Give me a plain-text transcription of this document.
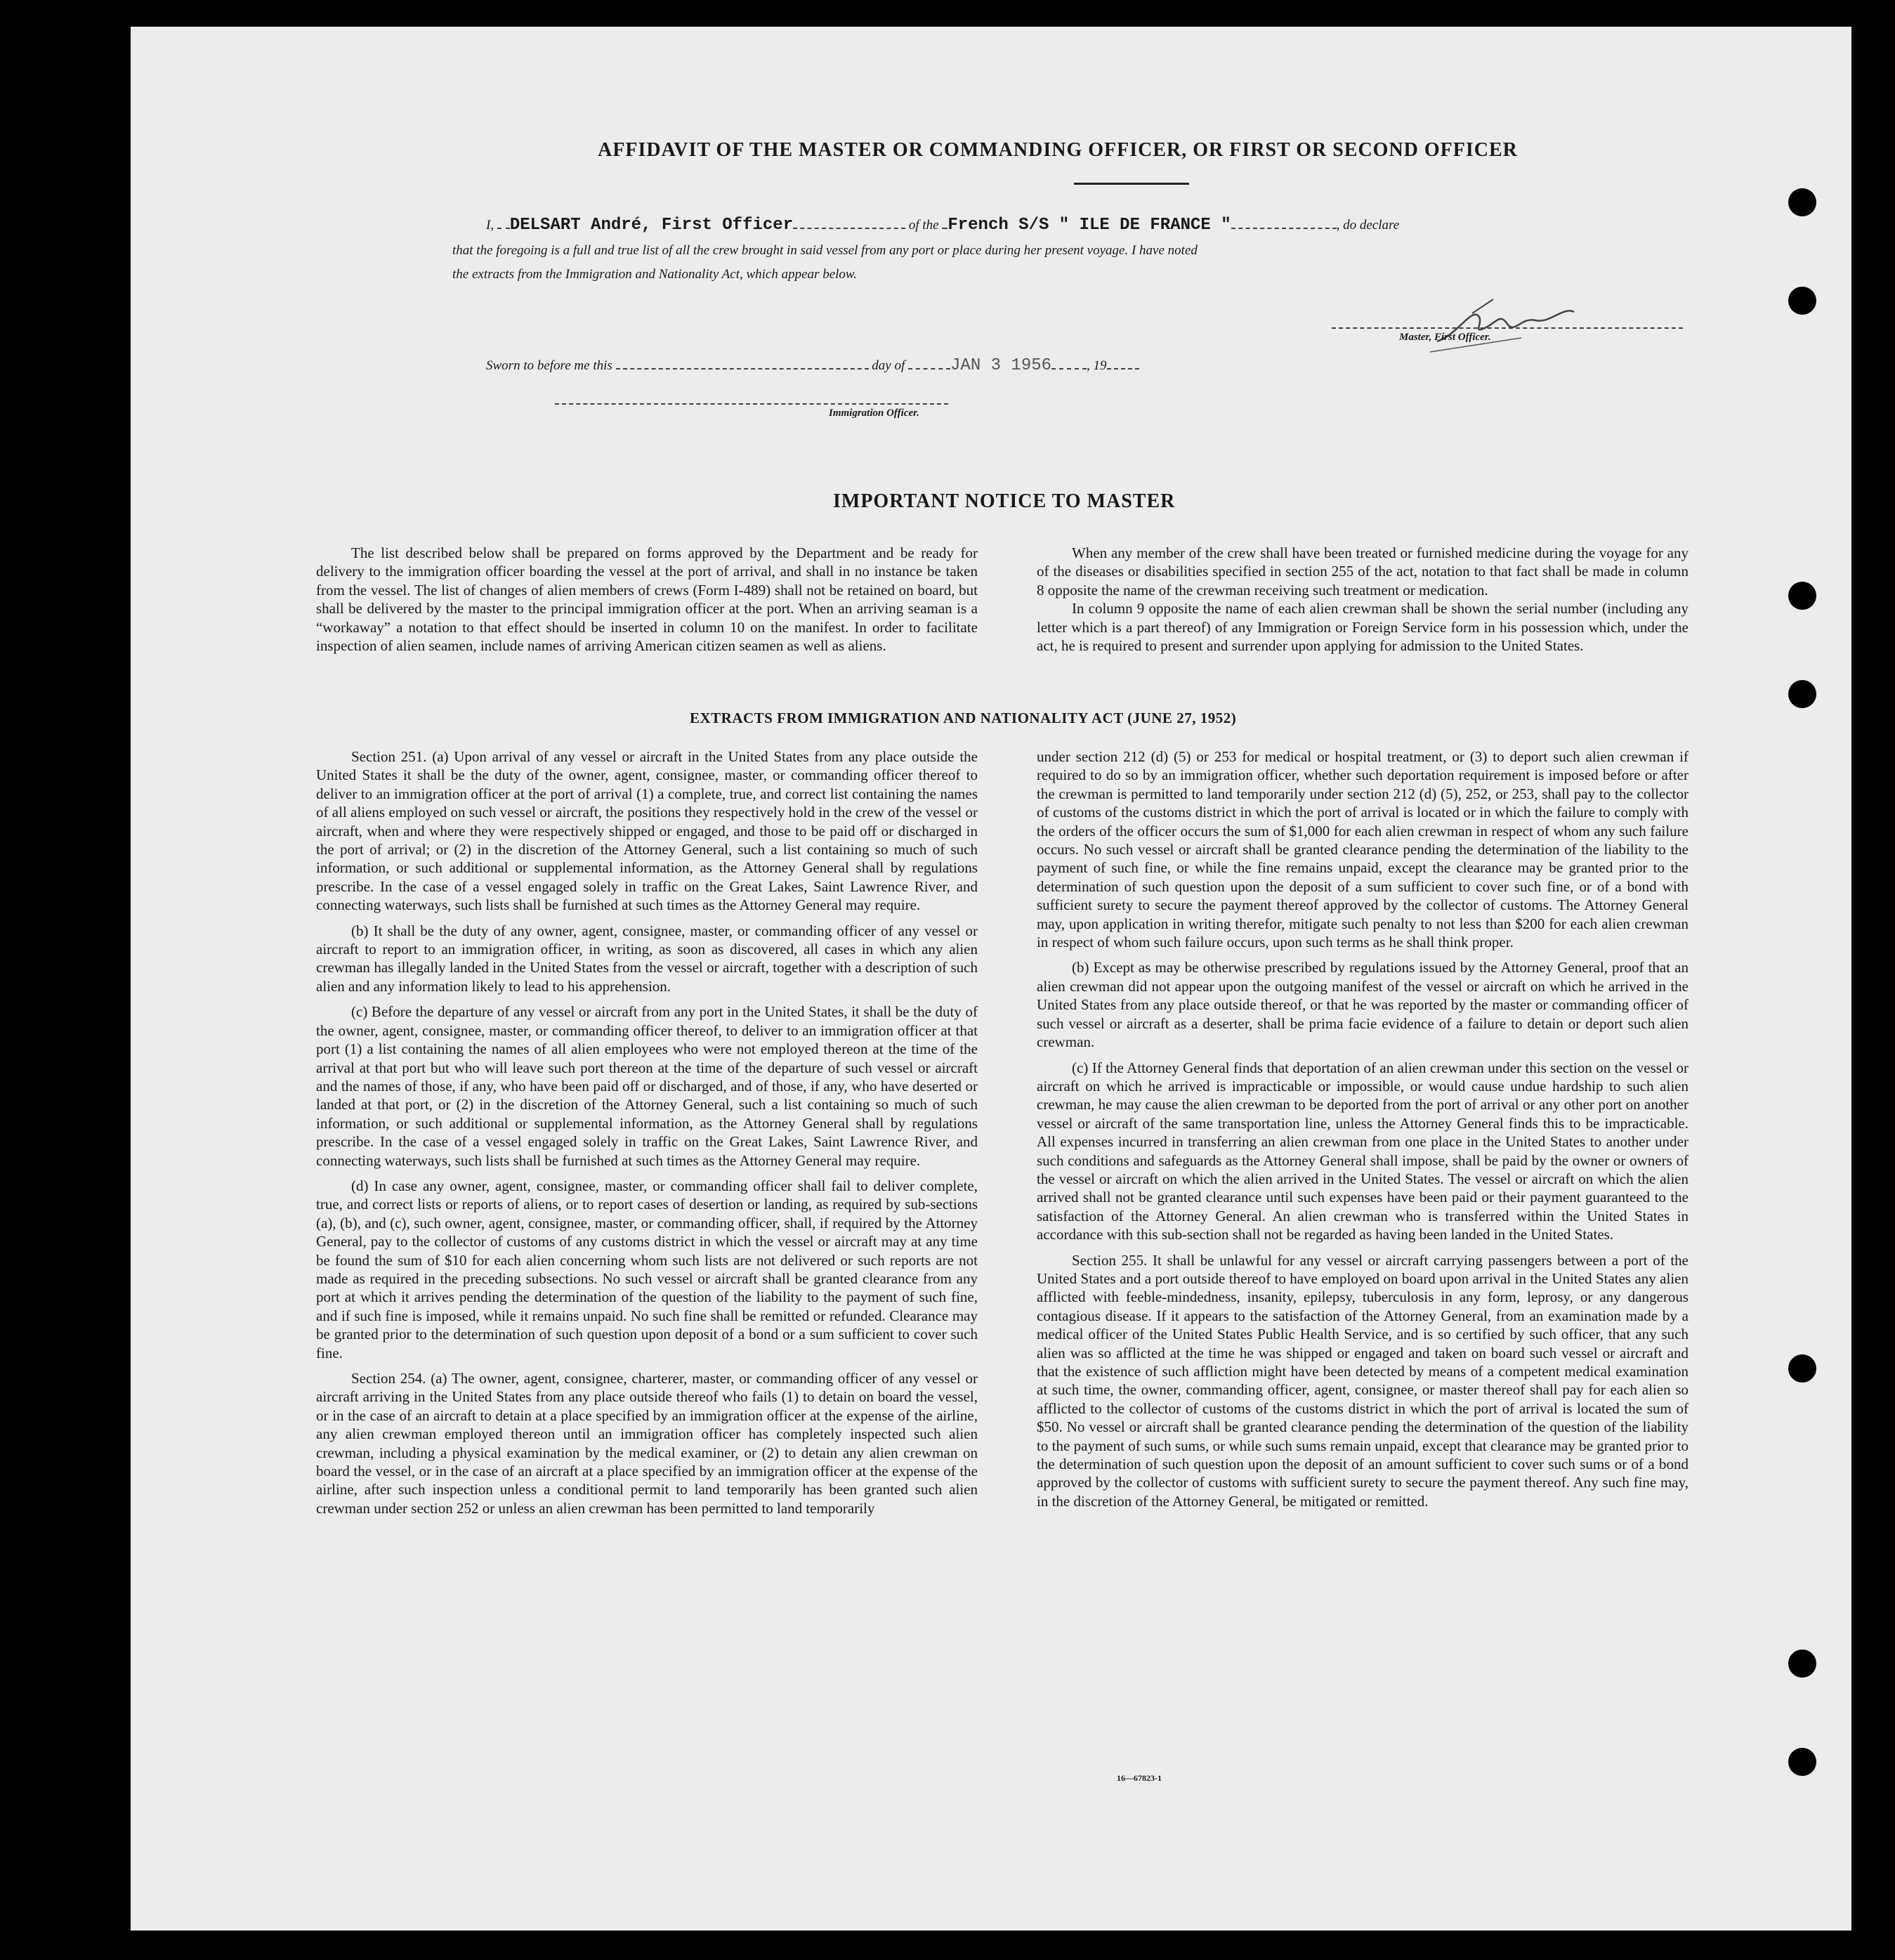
AFFIDAVIT OF THE MASTER OR COMMANDING OFFICER, OR FIRST OR SECOND OFFICER
I, DELSART André, First Officer	of the French S/S " ILE DE FRANCE "	, do declare
that the foregoing is a full and true list of all the crew brought in said vessel from any port or place during her present voyage. I have noted
the extracts from the Immigration and Nationality Act, which appear below.
Master, First Officer.
Sworn to before me this	day of	JAN 3 1956	, 19
Immigration Officer.
IMPORTANT NOTICE TO MASTER

The list described below shall be prepared on forms approved by the Department and be ready for delivery to the immigration officer boarding the vessel at the port of arrival, and shall in no instance be taken from the vessel. The list of changes of alien members of crews (Form I-489) shall not be retained on board, but shall be delivered by the master to the principal immigration officer at the port. When an arriving seaman is a “workaway” a notation to that effect should be inserted in column 10 on the manifest. In order to facilitate inspection of alien seamen, include names of arriving American citizen seamen as well as aliens.

When any member of the crew shall have been treated or furnished medicine during the voyage for any of the diseases or disabilities specified in section 255 of the act, notation to that fact shall be made in column 8 opposite the name of the crewman receiving such treatment or medication.

In column 9 opposite the name of each alien crewman shall be shown the serial number (including any letter which is a part thereof) of any Immigration or Foreign Service form in his possession which, under the act, he is required to present and surrender upon applying for admission to the United States.

EXTRACTS FROM IMMIGRATION AND NATIONALITY ACT (JUNE 27, 1952)

Section 251. (a) Upon arrival of any vessel or aircraft in the United States from any place outside the United States it shall be the duty of the owner, agent, consignee, master, or commanding officer thereof to deliver to an immigration officer at the port of arrival (1) a complete, true, and correct list containing the names of all aliens employed on such vessel or aircraft, the positions they respectively hold in the crew of the vessel or aircraft, when and where they were respectively shipped or engaged, and those to be paid off or discharged in the port of arrival; or (2) in the discretion of the Attorney General, such a list containing so much of such information, or such additional or supplemental information, as the Attorney General shall by regulations prescribe. In the case of a vessel engaged solely in traffic on the Great Lakes, Saint Lawrence River, and connecting waterways, such lists shall be furnished at such times as the Attorney General may require.

(b) It shall be the duty of any owner, agent, consignee, master, or commanding officer of any vessel or aircraft to report to an immigration officer, in writing, as soon as discovered, all cases in which any alien crewman has illegally landed in the United States from the vessel or aircraft, together with a description of such alien and any information likely to lead to his apprehension.

(c) Before the departure of any vessel or aircraft from any port in the United States, it shall be the duty of the owner, agent, consignee, master, or commanding officer thereof, to deliver to an immigration officer at that port (1) a list containing the names of all alien employees who were not employed thereon at the time of the arrival at that port but who will leave such port thereon at the time of the departure of such vessel or aircraft and the names of those, if any, who have been paid off or discharged, and of those, if any, who have deserted or landed at that port, or (2) in the discretion of the Attorney General, such a list containing so much of such information, or such additional or supplemental information, as the Attorney General shall by regulations prescribe. In the case of a vessel engaged solely in traffic on the Great Lakes, Saint Lawrence River, and connecting waterways, such lists shall be furnished at such times as the Attorney General may require.

(d) In case any owner, agent, consignee, master, or commanding officer shall fail to deliver complete, true, and correct lists or reports of aliens, or to report cases of desertion or landing, as required by sub-sections (a), (b), and (c), such owner, agent, consignee, master, or commanding officer, shall, if required by the Attorney General, pay to the collector of customs of any customs district in which the vessel or aircraft may at any time be found the sum of $10 for each alien concerning whom such lists are not delivered or such reports are not made as required in the preceding subsections. No such vessel or aircraft shall be granted clearance from any port at which it arrives pending the determination of the question of the liability to the payment of such fine, and if such fine is imposed, while it remains unpaid. No such fine shall be remitted or refunded. Clearance may be granted prior to the determination of such question upon deposit of a bond or a sum sufficient to cover such fine.

Section 254. (a) The owner, agent, consignee, charterer, master, or commanding officer of any vessel or aircraft arriving in the United States from any place outside thereof who fails (1) to detain on board the vessel, or in the case of an aircraft to detain at a place specified by an immigration officer at the expense of the airline, any alien crewman employed thereon until an immigration officer has completely inspected such alien crewman, including a physical examination by the medical examiner, or (2) to detain any alien crewman on board the vessel, or in the case of an aircraft at a place specified by an immigration officer at the expense of the airline, after such inspection unless a conditional permit to land temporarily has been granted such alien crewman under section 252 or unless an alien crewman has been permitted to land temporarily

under section 212 (d) (5) or 253 for medical or hospital treatment, or (3) to deport such alien crewman if required to do so by an immigration officer, whether such deportation requirement is imposed before or after the crewman is permitted to land temporarily under section 212 (d) (5), 252, or 253, shall pay to the collector of customs of the customs district in which the port of arrival is located or in which the failure to comply with the orders of the officer occurs the sum of $1,000 for each alien crewman in respect of whom any such failure occurs. No such vessel or aircraft shall be granted clearance pending the determination of the liability to the payment of such fine, or while the fine remains unpaid, except the clearance may be granted prior to the determination of such question upon the deposit of a sum sufficient to cover such fine, or of a bond with sufficient surety to secure the payment thereof approved by the collector of customs. The Attorney General may, upon application in writing therefor, mitigate such penalty to not less than $200 for each alien crewman in respect of whom such failure occurs, upon such terms as he shall think proper.

(b) Except as may be otherwise prescribed by regulations issued by the Attorney General, proof that an alien crewman did not appear upon the outgoing manifest of the vessel or aircraft on which he arrived in the United States from any place outside thereof, or that he was reported by the master or commanding officer of such vessel or aircraft as a deserter, shall be prima facie evidence of a failure to detain or deport such alien crewman.

(c) If the Attorney General finds that deportation of an alien crewman under this section on the vessel or aircraft on which he arrived is impracticable or impossible, or would cause undue hardship to such alien crewman, he may cause the alien crewman to be deported from the port of arrival or any other port on another vessel or aircraft of the same transportation line, unless the Attorney General finds this to be impracticable. All expenses incurred in transferring an alien crewman from one place in the United States to another under such conditions and safeguards as the Attorney General shall impose, shall be paid by the owner or owners of the vessel or aircraft on which the alien arrived in the United States. The vessel or aircraft on which the alien arrived shall not be granted clearance until such expenses have been paid or their payment guaranteed to the satisfaction of the Attorney General. An alien crewman who is transferred within the United States in accordance with this sub-section shall not be regarded as having been landed in the United States.

Section 255. It shall be unlawful for any vessel or aircraft carrying passengers between a port of the United States and a port outside thereof to have employed on board upon arrival in the United States any alien afflicted with feeble-mindedness, insanity, epilepsy, tuberculosis in any form, leprosy, or any dangerous contagious disease. If it appears to the satisfaction of the Attorney General, from an examination made by a medical officer of the United States Public Health Service, and is so certified by such officer, that any such alien was so afflicted at the time he was shipped or engaged and taken on board such vessel or aircraft and that the existence of such affliction might have been detected by means of a competent medical examination at such time, the owner, commanding officer, agent, consignee, or master thereof shall pay for each alien so afflicted to the collector of customs of the customs district in which the port of arrival is located the sum of $50. No vessel or aircraft shall be granted clearance pending the determination of the question of the liability to the payment of such sums, or while such sums remain unpaid, except that clearance may be granted prior to the determination of such question upon the deposit of an amount sufficient to cover such sums or of a bond approved by the collector of customs with sufficient surety to secure the payment thereof. Any such fine may, in the discretion of the Attorney General, be mitigated or remitted.

16—67823-1
